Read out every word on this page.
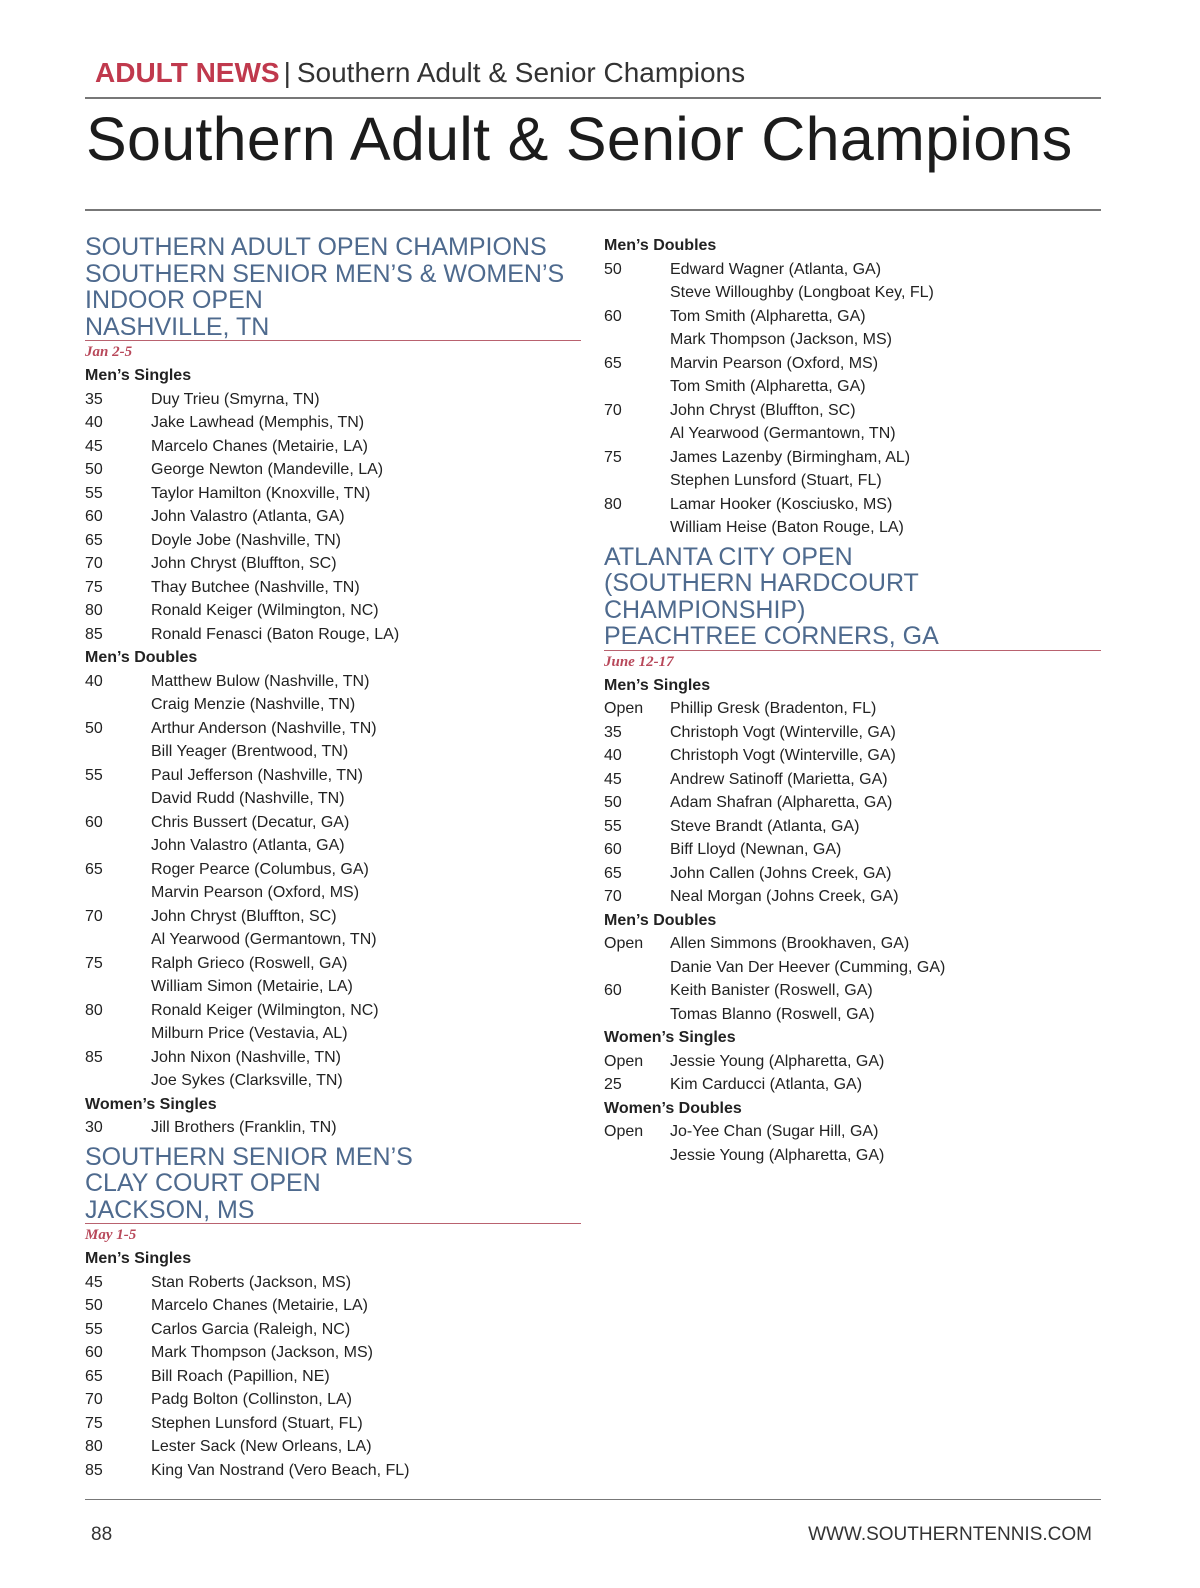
ADULT NEWS | Southern Adult & Senior Champions
Southern Adult & Senior Champions
SOUTHERN ADULT OPEN CHAMPIONS
SOUTHERN SENIOR MEN’S & WOMEN’S
INDOOR OPEN
NASHVILLE, TN
Jan 2-5
Men’s Singles
35	Duy Trieu (Smyrna, TN)
40	Jake Lawhead (Memphis, TN)
45	Marcelo Chanes (Metairie, LA)
50	George Newton (Mandeville, LA)
55	Taylor Hamilton (Knoxville, TN)
60	John Valastro (Atlanta, GA)
65	Doyle Jobe (Nashville, TN)
70	John Chryst (Bluffton, SC)
75	Thay Butchee (Nashville, TN)
80	Ronald Keiger (Wilmington, NC)
85	Ronald Fenasci (Baton Rouge, LA)
Men’s Doubles
40	Matthew Bulow (Nashville, TN)
Craig Menzie (Nashville, TN)
50	Arthur Anderson (Nashville, TN)
Bill Yeager (Brentwood, TN)
55	Paul Jefferson (Nashville, TN)
David Rudd (Nashville, TN)
60	Chris Bussert (Decatur, GA)
John Valastro (Atlanta, GA)
65	Roger Pearce (Columbus, GA)
Marvin Pearson (Oxford, MS)
70	John Chryst (Bluffton, SC)
Al Yearwood (Germantown, TN)
75	Ralph Grieco (Roswell, GA)
William Simon (Metairie, LA)
80	Ronald Keiger (Wilmington, NC)
Milburn Price (Vestavia, AL)
85	John Nixon (Nashville, TN)
Joe Sykes (Clarksville, TN)
Women’s Singles
30	Jill Brothers (Franklin, TN)
SOUTHERN SENIOR MEN’S
CLAY COURT OPEN
JACKSON, MS
May 1-5
Men’s Singles
45	Stan Roberts (Jackson, MS)
50	Marcelo Chanes (Metairie, LA)
55	Carlos Garcia (Raleigh, NC)
60	Mark Thompson (Jackson, MS)
65	Bill Roach (Papillion, NE)
70	Padg Bolton (Collinston, LA)
75	Stephen Lunsford (Stuart, FL)
80	Lester Sack (New Orleans, LA)
85	King Van Nostrand (Vero Beach, FL)
Men’s Doubles
50	Edward Wagner (Atlanta, GA)
Steve Willoughby (Longboat Key, FL)
60	Tom Smith (Alpharetta, GA)
Mark Thompson (Jackson, MS)
65	Marvin Pearson (Oxford, MS)
Tom Smith (Alpharetta, GA)
70	John Chryst (Bluffton, SC)
Al Yearwood (Germantown, TN)
75	James Lazenby (Birmingham, AL)
Stephen Lunsford (Stuart, FL)
80	Lamar Hooker (Kosciusko, MS)
William Heise (Baton Rouge, LA)
ATLANTA CITY OPEN
(SOUTHERN HARDCOURT
CHAMPIONSHIP)
PEACHTREE CORNERS, GA
June 12-17
Men’s Singles
Open	Phillip Gresk (Bradenton, FL)
35	Christoph Vogt (Winterville, GA)
40	Christoph Vogt (Winterville, GA)
45	Andrew Satinoff (Marietta, GA)
50	Adam Shafran (Alpharetta, GA)
55	Steve Brandt (Atlanta, GA)
60	Biff Lloyd (Newnan, GA)
65	John Callen (Johns Creek, GA)
70	Neal Morgan (Johns Creek, GA)
Men’s Doubles
Open	Allen Simmons (Brookhaven, GA)
Danie Van Der Heever (Cumming, GA)
60	Keith Banister (Roswell, GA)
Tomas Blanno (Roswell, GA)
Women’s Singles
Open	Jessie Young (Alpharetta, GA)
25	Kim Carducci (Atlanta, GA)
Women’s Doubles
Open	Jo-Yee Chan (Sugar Hill, GA)
Jessie Young (Alpharetta, GA)
88	WWW.SOUTHERNTENNIS.COM
